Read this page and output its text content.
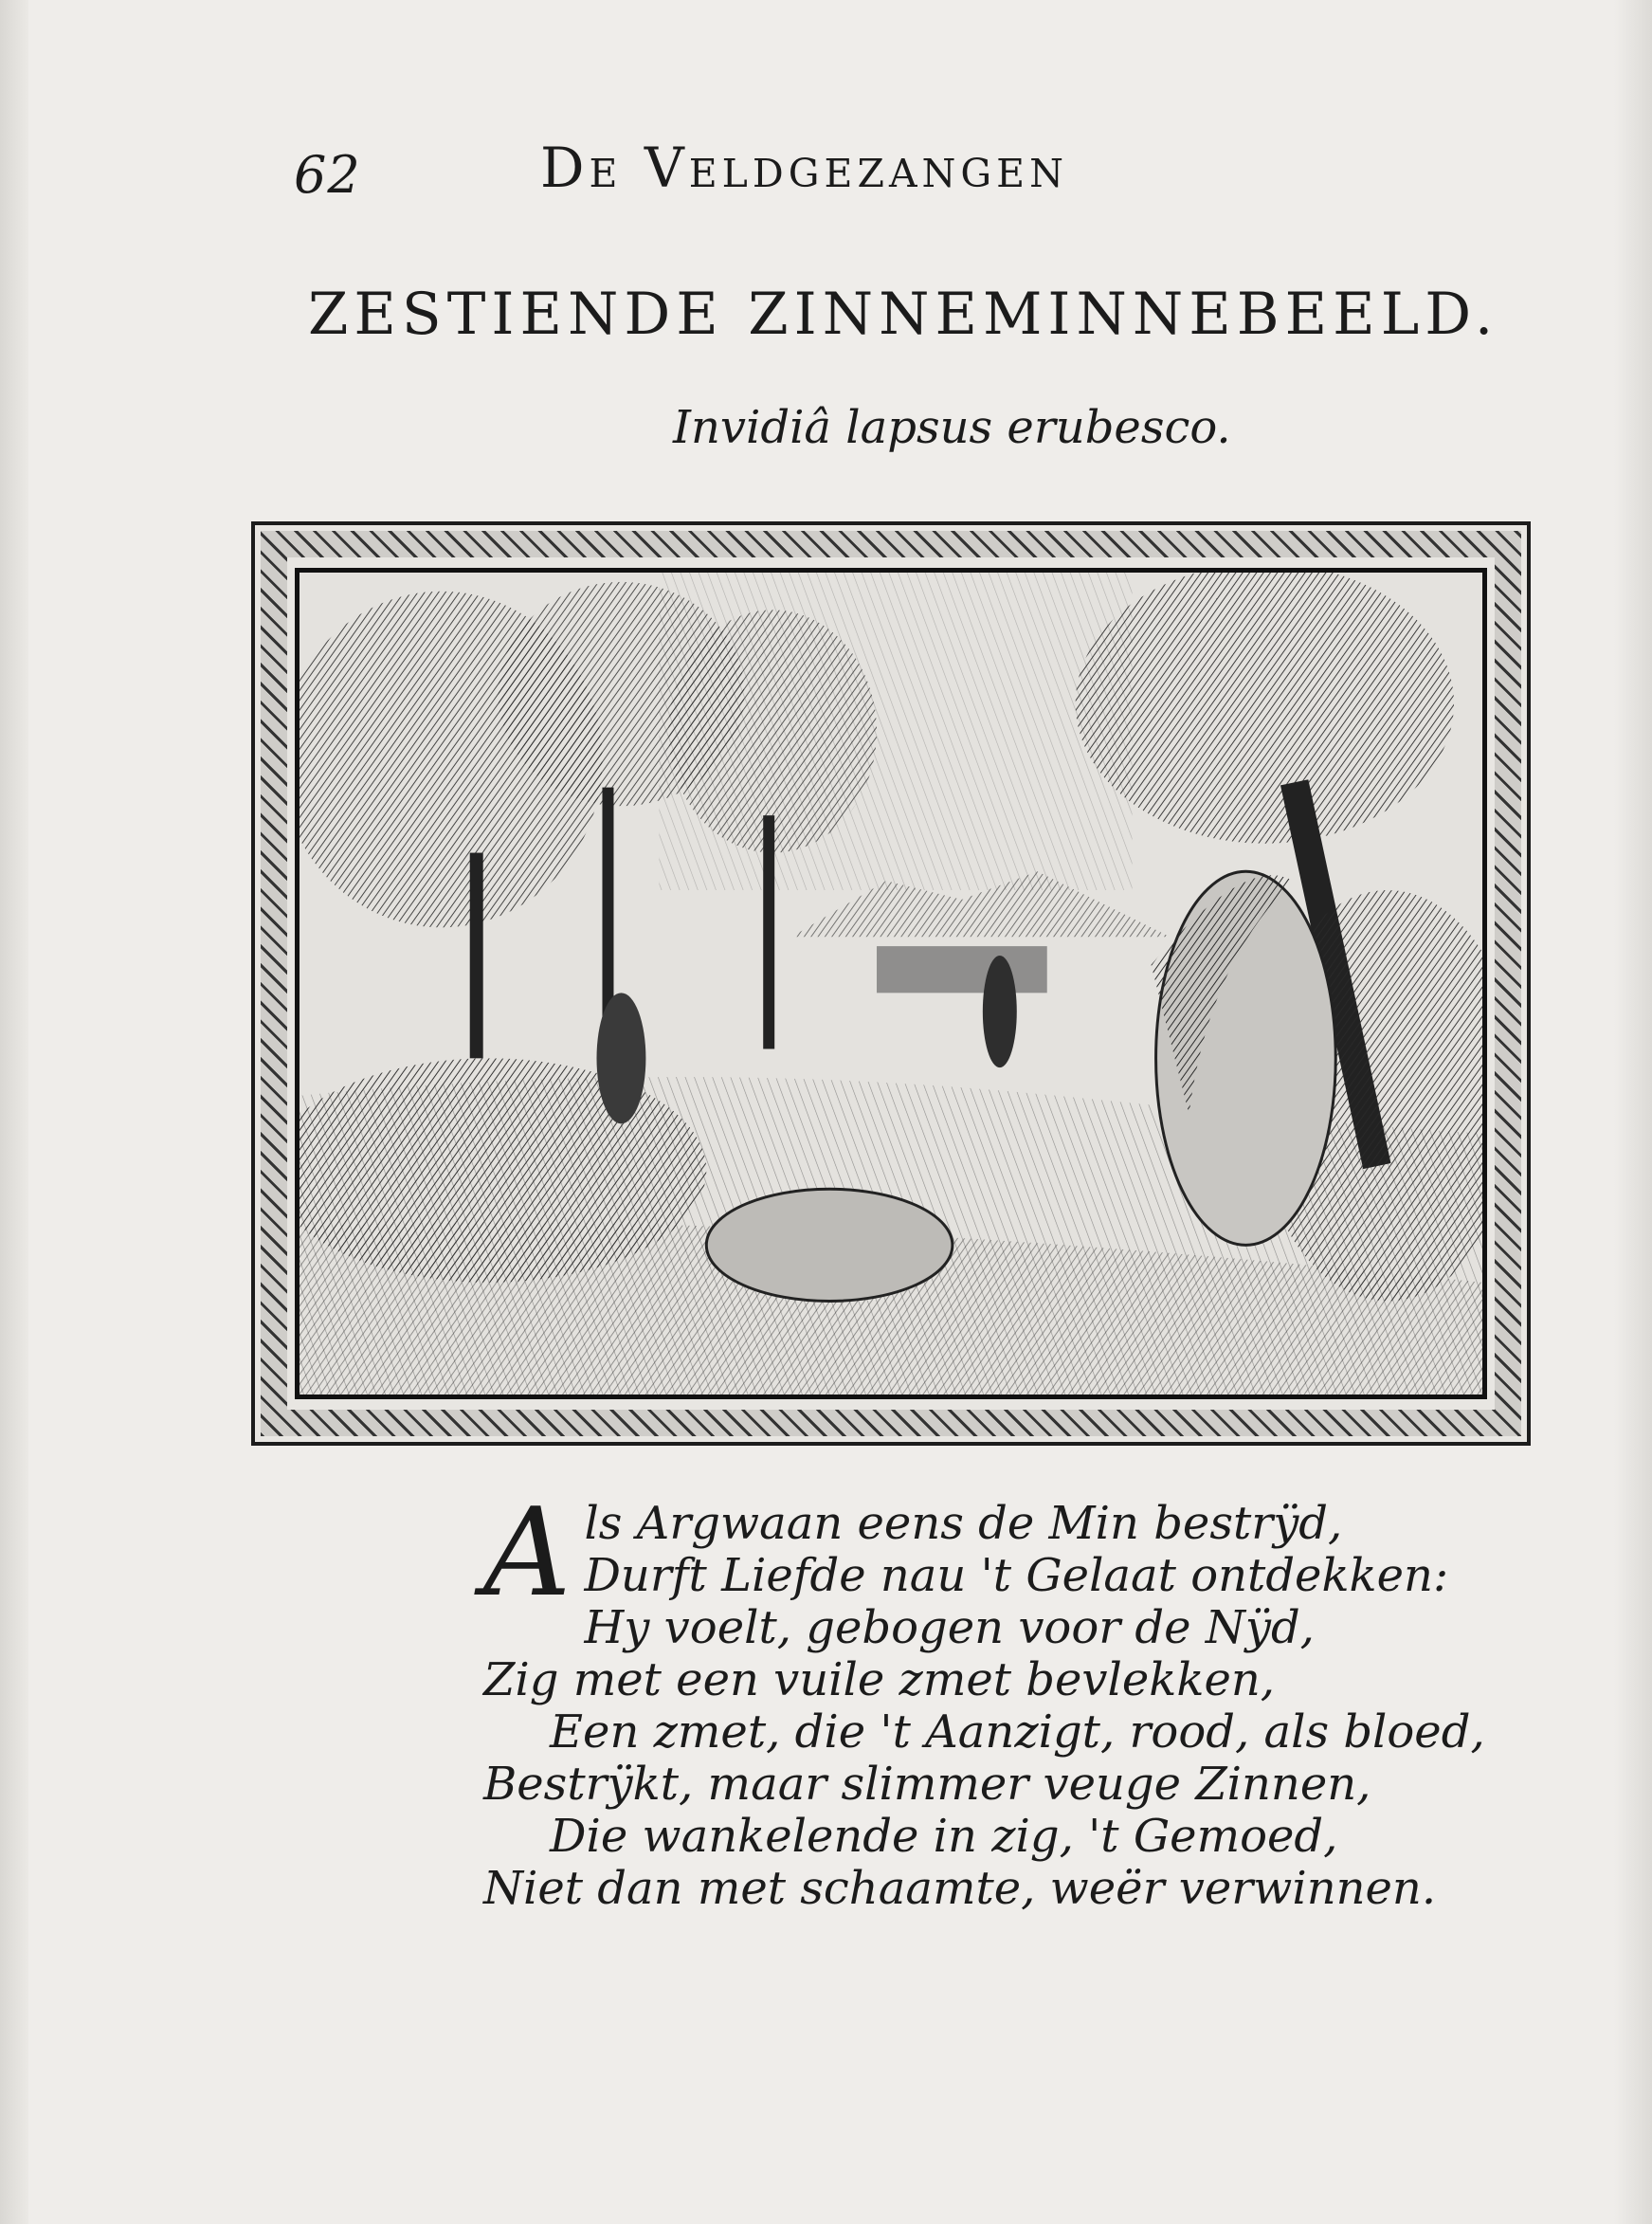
62	De Veldgezangen
ZESTIENDE ZINNEMINNEBEELD.
Invidiâ lapsus erubesco.
A ls Argwaan eens de Min bestrÿd,
Durft Liefde nau 't Gelaat ontdekken:
Hy voelt, gebogen voor de Nÿd,
Zig met een vuile zmet bevlekken,
Een zmet, die 't Aanzigt, rood, als bloed,
Bestrÿkt, maar slimmer veuge Zinnen,
Die wankelende in zig, 't Gemoed,
Niet dan met schaamte, weër verwinnen.
